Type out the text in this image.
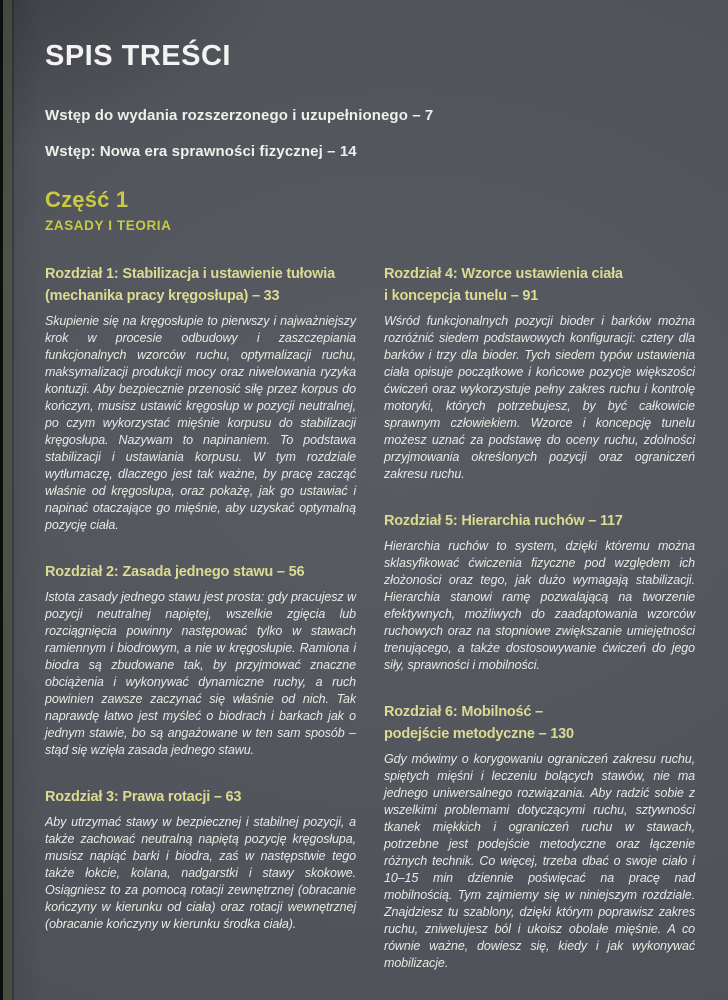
SPIS TREŚCI

Wstęp do wydania rozszerzonego i uzupełnionego – 7

Wstęp: Nowa era sprawności fizycznej – 14

Część 1
ZASADY I TEORIA
Rozdział 1: Stabilizacja i ustawienie tułowia
(mechanika pracy kręgosłupa) – 33

Skupienie się na kręgosłupie to pierwszy i najważniejszy krok w procesie odbudowy i zaszczepiania funkcjonalnych wzorców ruchu, optymalizacji ruchu, maksymalizacji produkcji mocy oraz niwelowania ryzyka kontuzji. Aby bezpiecznie przenosić siłę przez korpus do kończyn, musisz ustawić kręgosłup w pozycji neutralnej, po czym wykorzystać mięśnie korpusu do stabilizacji kręgosłupa. Nazywam to napinaniem. To podstawa stabilizacji i ustawiania korpusu. W tym rozdziale wytłumaczę, dlaczego jest tak ważne, by pracę zacząć właśnie od kręgosłupa, oraz pokażę, jak go ustawiać i napinać otaczające go mięśnie, aby uzyskać optymalną pozycję ciała.

Rozdział 2: Zasada jednego stawu – 56

Istota zasady jednego stawu jest prosta: gdy pracujesz w pozycji neutralnej napiętej, wszelkie zgięcia lub rozciągnięcia powinny następować tylko w stawach ramiennym i biodrowym, a nie w kręgosłupie. Ramiona i biodra są zbudowane tak, by przyjmować znaczne obciążenia i wykonywać dynamiczne ruchy, a ruch powinien zawsze zaczynać się właśnie od nich. Tak naprawdę łatwo jest myśleć o biodrach i barkach jak o jednym stawie, bo są angażowane w ten sam sposób – stąd się wzięła zasada jednego stawu.

Rozdział 3: Prawa rotacji – 63

Aby utrzymać stawy w bezpiecznej i stabilnej pozycji, a także zachować neutralną napiętą pozycję kręgosłupa, musisz napiąć barki i biodra, zaś w następstwie tego także łokcie, kolana, nadgarstki i stawy skokowe. Osiągniesz to za pomocą rotacji zewnętrznej (obracanie kończyny w kierunku od ciała) oraz rotacji wewnętrznej (obracanie kończyny w kierunku środka ciała).

Rozdział 4: Wzorce ustawienia ciała
i koncepcja tunelu – 91

Wśród funkcjonalnych pozycji bioder i barków można rozróżnić siedem podstawowych konfiguracji: cztery dla barków i trzy dla bioder. Tych siedem typów ustawienia ciała opisuje początkowe i końcowe pozycje większości ćwiczeń oraz wykorzystuje pełny zakres ruchu i kontrolę motoryki, których potrzebujesz, by być całkowicie sprawnym człowiekiem. Wzorce i koncepcję tunelu możesz uznać za podstawę do oceny ruchu, zdolności przyjmowania określonych pozycji oraz ograniczeń zakresu ruchu.

Rozdział 5: Hierarchia ruchów – 117

Hierarchia ruchów to system, dzięki któremu można sklasyfikować ćwiczenia fizyczne pod względem ich złożoności oraz tego, jak dużo wymagają stabilizacji. Hierarchia stanowi ramę pozwalającą na tworzenie efektywnych, możliwych do zaadaptowania wzorców ruchowych oraz na stopniowe zwiększanie umiejętności trenującego, a także dostosowywanie ćwiczeń do jego siły, sprawności i mobilności.

Rozdział 6: Mobilność –
podejście metodyczne – 130

Gdy mówimy o korygowaniu ograniczeń zakresu ruchu, spiętych mięśni i leczeniu bolących stawów, nie ma jednego uniwersalnego rozwiązania. Aby radzić sobie z wszelkimi problemami dotyczącymi ruchu, sztywności tkanek miękkich i ograniczeń ruchu w stawach, potrzebne jest podejście metodyczne oraz łączenie różnych technik. Co więcej, trzeba dbać o swoje ciało i 10–15 min dziennie poświęcać na pracę nad mobilnością. Tym zajmiemy się w niniejszym rozdziale. Znajdziesz tu szablony, dzięki którym poprawisz zakres ruchu, zniwelujesz ból i ukoisz obolałe mięśnie. A co równie ważne, dowiesz się, kiedy i jak wykonywać mobilizacje.
